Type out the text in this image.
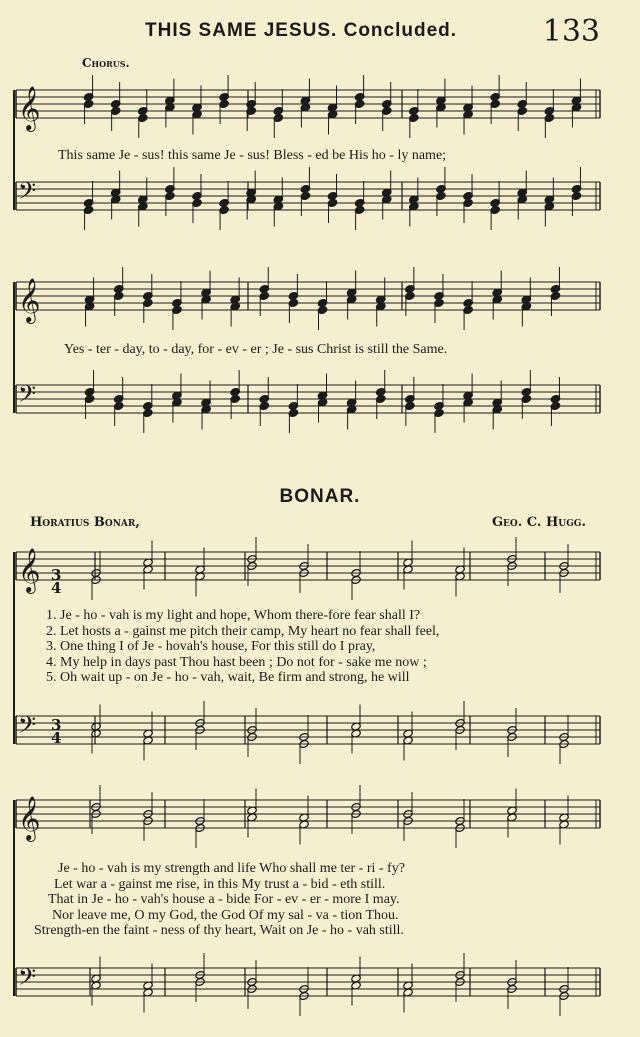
THIS SAME JESUS. Concluded.	133
Chorus.
This same Je - sus! this same Je - sus! Bless - ed be His ho - ly name;
Yes - ter - day, to - day, for - ev - er ; Je - sus Christ is still the Same.
BONAR.
Horatius Bonar,	Geo. C. Hugg.
1. Je - ho - vah is my light and hope, Whom there-fore fear shall I?
2. Let hosts a - gainst me pitch their camp, My heart no fear shall feel,
3. One thing I of Je - hovah's house, For this still do I pray,
4. My help in days past Thou hast been ; Do not for - sake me now ;
5. Oh wait up - on Je - ho - vah, wait, Be firm and strong, he will
Je - ho - vah is my strength and life Who shall me ter - ri - fy?
Let war a - gainst me rise, in this My trust a - bid - eth still.
That in Je - ho - vah's house a - bide For - ev - er - more I may.
Nor leave me, O my God, the God Of my sal - va - tion Thou.
Strength-en the faint - ness of thy heart, Wait on Je - ho - vah still.
𝄞
𝄢
𝄞
𝄢
𝄞
𝄢
𝄞
𝄢
3
4
3
4
